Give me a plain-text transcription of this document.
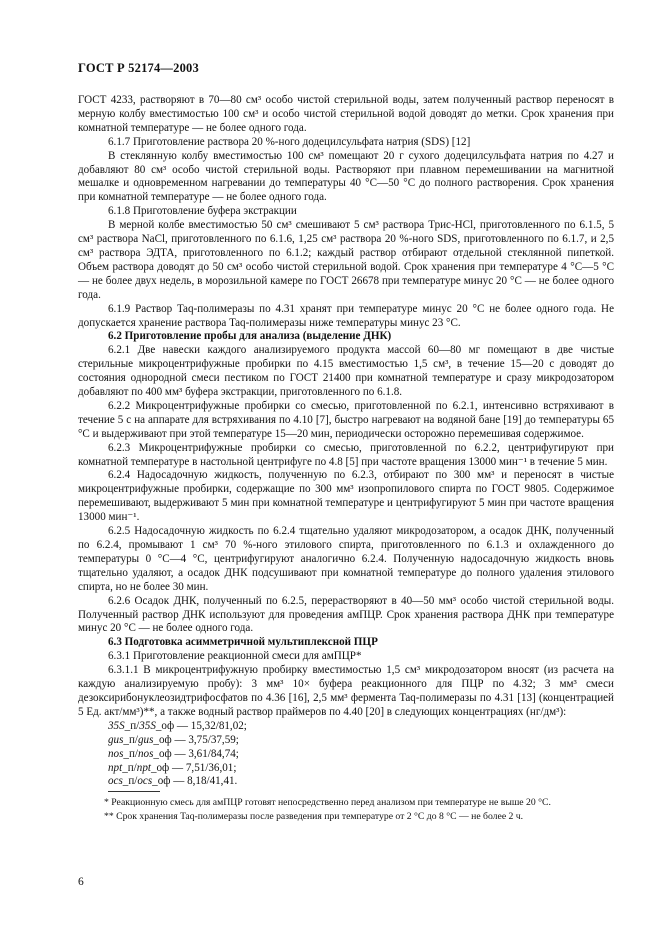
ГОСТ Р 52174—2003

ГОСТ 4233, растворяют в 70—80 см³ особо чистой стерильной воды, затем полученный раствор переносят в мерную колбу вместимостью 100 см³ и особо чистой стерильной водой доводят до метки. Срок хранения при комнатной температуре — не более одного года.

6.1.7 Приготовление раствора 20 %-ного додецилсульфата натрия (SDS) [12]

В стеклянную колбу вместимостью 100 см³ помещают 20 г сухого додецилсульфата натрия по 4.27 и добавляют 80 см³ особо чистой стерильной воды. Растворяют при плавном перемешивании на магнитной мешалке и одновременном нагревании до температуры 40 °С—50 °С до полного растворения. Срок хранения при комнатной температуре — не более одного года.

6.1.8 Приготовление буфера экстракции

В мерной колбе вместимостью 50 см³ смешивают 5 см³ раствора Трис-HCl, приготовленного по 6.1.5, 5 см³ раствора NaCl, приготовленного по 6.1.6, 1,25 см³ раствора 20 %-ного SDS, приготовленного по 6.1.7, и 2,5 см³ раствора ЭДТА, приготовленного по 6.1.2; каждый раствор отбирают отдельной стеклянной пипеткой. Объем раствора доводят до 50 см³ особо чистой стерильной водой. Срок хранения при температуре 4 °С—5 °С — не более двух недель, в морозильной камере по ГОСТ 26678 при температуре минус 20 °С — не более одного года.

6.1.9 Раствор Taq-полимеразы по 4.31 хранят при температуре минус 20 °С не более одного года. Не допускается хранение раствора Taq-полимеразы ниже температуры минус 23 °С.

6.2 Приготовление пробы для анализа (выделение ДНК)

6.2.1 Две навески каждого анализируемого продукта массой 60—80 мг помещают в две чистые стерильные микроцентрифужные пробирки по 4.15 вместимостью 1,5 см³, в течение 15—20 с доводят до состояния однородной смеси пестиком по ГОСТ 21400 при комнатной температуре и сразу микродозатором добавляют по 400 мм³ буфера экстракции, приготовленного по 6.1.8.

6.2.2 Микроцентрифужные пробирки со смесью, приготовленной по 6.2.1, интенсивно встряхивают в течение 5 с на аппарате для встряхивания по 4.10 [7], быстро нагревают на водяной бане [19] до температуры 65 °С и выдерживают при этой температуре 15—20 мин, периодически осторожно перемешивая содержимое.

6.2.3 Микроцентрифужные пробирки со смесью, приготовленной по 6.2.2, центрифугируют при комнатной температуре в настольной центрифуге по 4.8 [5] при частоте вращения 13000 мин⁻¹ в течение 5 мин.

6.2.4 Надосадочную жидкость, полученную по 6.2.3, отбирают по 300 мм³ и переносят в чистые микроцентрифужные пробирки, содержащие по 300 мм³ изопропилового спирта по ГОСТ 9805. Содержимое перемешивают, выдерживают 5 мин при комнатной температуре и центрифугируют 5 мин при частоте вращения 13000 мин⁻¹.

6.2.5 Надосадочную жидкость по 6.2.4 тщательно удаляют микродозатором, а осадок ДНК, полученный по 6.2.4, промывают 1 см³ 70 %-ного этилового спирта, приготовленного по 6.1.3 и охлажденного до температуры 0 °С—4 °С, центрифугируют аналогично 6.2.4. Полученную надосадочную жидкость вновь тщательно удаляют, а осадок ДНК подсушивают при комнатной температуре до полного удаления этилового спирта, но не более 30 мин.

6.2.6 Осадок ДНК, полученный по 6.2.5, перерастворяют в 40—50 мм³ особо чистой стерильной воды. Полученный раствор ДНК используют для проведения амПЦР. Срок хранения раствора ДНК при температуре минус 20 °С — не более одного года.

6.3 Подготовка асимметричной мультиплексной ПЦР

6.3.1 Приготовление реакционной смеси для амПЦР*

6.3.1.1 В микроцентрифужную пробирку вместимостью 1,5 см³ микродозатором вносят (из расчета на каждую анализируемую пробу): 3 мм³ 10× буфера реакционного для ПЦР по 4.32; 3 мм³ смеси дезоксирибонуклеозидтрифосфатов по 4.36 [16], 2,5 мм³ фермента Taq-полимеразы по 4.31 [13] (концентрацией 5 Ед. акт/мм³)**, а также водный раствор праймеров по 4.40 [20] в следующих концентрациях (нг/дм³):

35S_п/35S_оф — 15,32/81,02;

gus_п/gus_оф — 3,75/37,59;

nos_п/nos_оф — 3,61/84,74;

npt_п/npt_оф — 7,51/36,01;

ocs_п/ocs_оф — 8,18/41,41.

* Реакционную смесь для амПЦР готовят непосредственно перед анализом при температуре не выше 20 °С.

** Срок хранения Taq-полимеразы после разведения при температуре от 2 °С до 8 °С — не более 2 ч.

6
